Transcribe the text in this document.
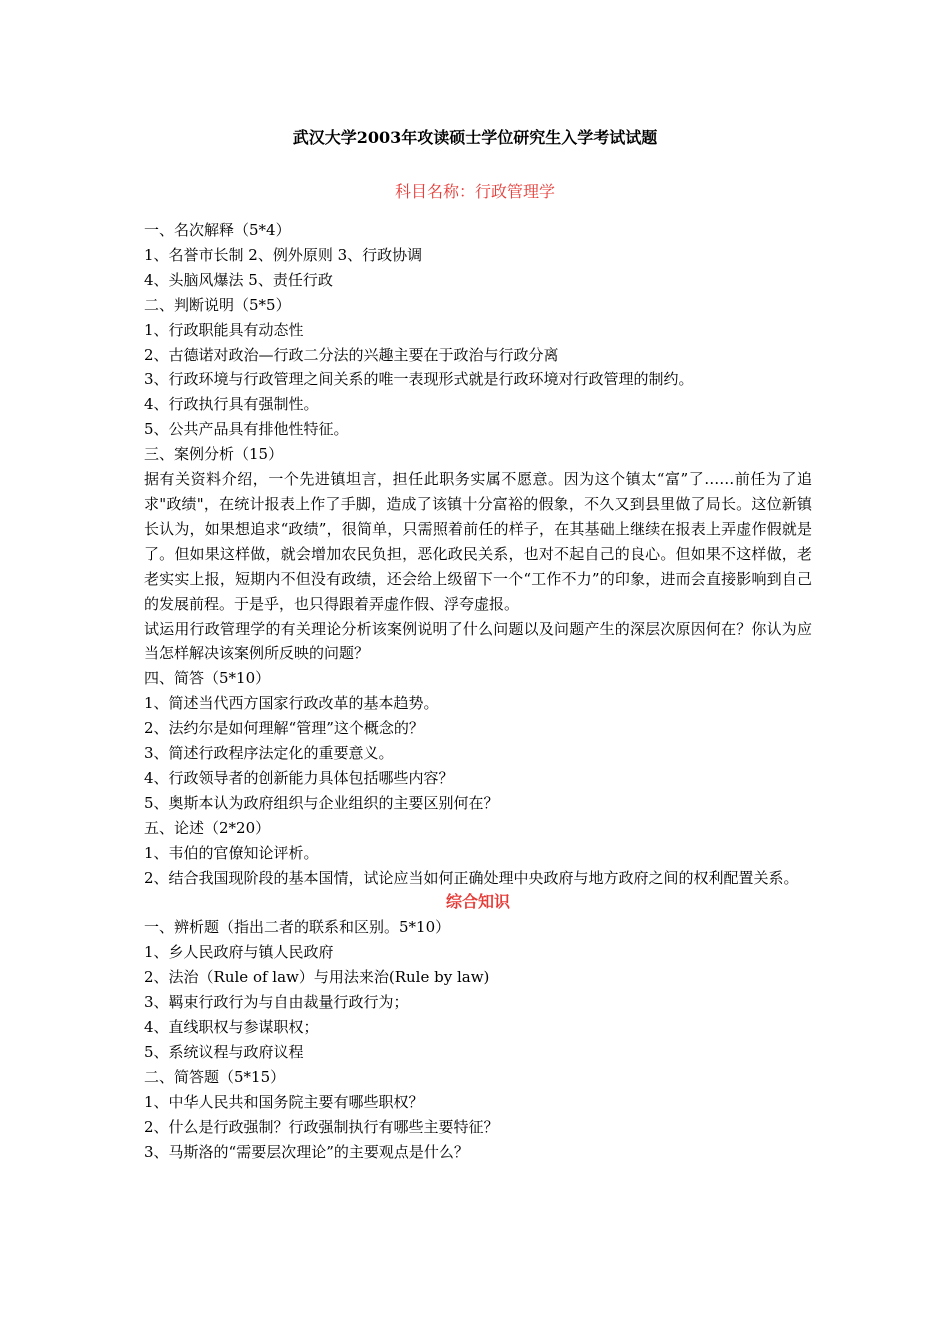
武汉大学2003年攻读硕士学位研究生入学考试试题
科目名称：行政管理学
一、名次解释（5*4）
1、名誉市长制 2、例外原则 3、行政协调
4、头脑风爆法 5、责任行政
二、判断说明（5*5）
1、行政职能具有动态性
2、古德诺对政治—行政二分法的兴趣主要在于政治与行政分离
3、行政环境与行政管理之间关系的唯一表现形式就是行政环境对行政管理的制约。
4、行政执行具有强制性。
5、公共产品具有排他性特征。
三、案例分析（15）
据有关资料介绍，一个先进镇坦言，担任此职务实属不愿意。因为这个镇太“富”了……前任为了追求"政绩"，在统计报表上作了手脚，造成了该镇十分富裕的假象，不久又到县里做了局长。这位新镇长认为，如果想追求“政绩”，很简单，只需照着前任的样子，在其基础上继续在报表上弄虚作假就是了。但如果这样做，就会增加农民负担，恶化政民关系，也对不起自己的良心。但如果不这样做，老老实实上报，短期内不但没有政绩，还会给上级留下一个“工作不力”的印象，进而会直接影响到自己的发展前程。于是乎，也只得跟着弄虚作假、浮夸虚报。
试运用行政管理学的有关理论分析该案例说明了什么问题以及问题产生的深层次原因何在？你认为应当怎样解决该案例所反映的问题？
四、简答（5*10）
1、简述当代西方国家行政改革的基本趋势。
2、法约尔是如何理解“管理”这个概念的？
3、简述行政程序法定化的重要意义。
4、行政领导者的创新能力具体包括哪些内容？
5、奥斯本认为政府组织与企业组织的主要区别何在？
五、论述（2*20）
1、韦伯的官僚知论评析。
2、结合我国现阶段的基本国情，试论应当如何正确处理中央政府与地方政府之间的权利配置关系。
综合知识
一、辨析题（指出二者的联系和区别。5*10）
1、乡人民政府与镇人民政府
2、法治（Rule of law）与用法来治(Rule by law)
3、羁束行政行为与自由裁量行政行为；
4、直线职权与参谋职权；
5、系统议程与政府议程
二、简答题（5*15）
1、中华人民共和国务院主要有哪些职权？
2、什么是行政强制？行政强制执行有哪些主要特征？
3、马斯洛的“需要层次理论”的主要观点是什么？
